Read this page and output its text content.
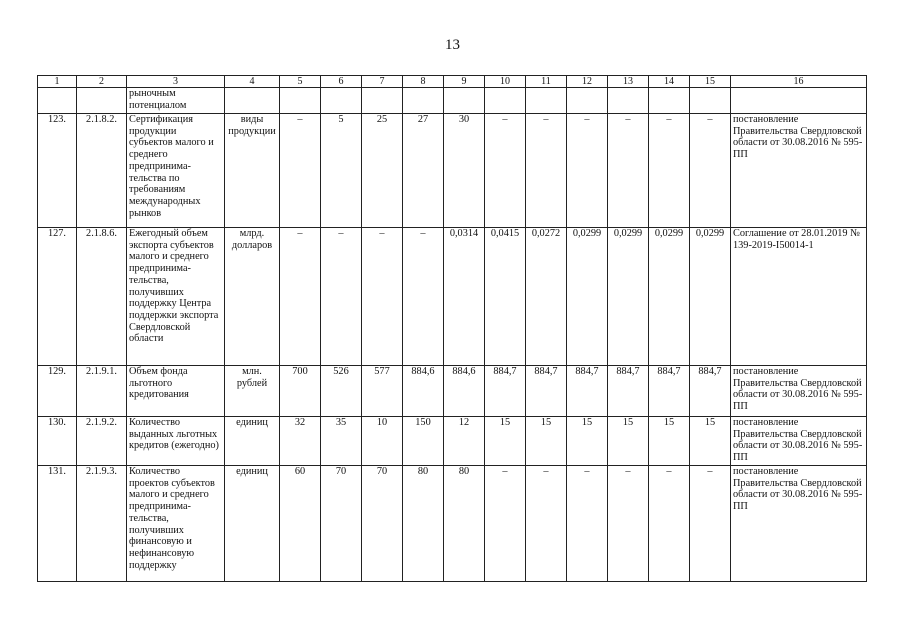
13
1	2	3	4	5	6	7	8	9	10	11	12	13	14	15	16
		рыночным потенциалом													
123.	2.1.8.2.	Сертификация продукции субъектов малого и среднего предпринима-тельства по требованиям международных рынков	виды продукции	–	5	25	27	30	–	–	–	–	–	–	постановление Правительства Свердловской области от 30.08.2016 № 595-ПП
127.	2.1.8.6.	Ежегодный объем экспорта субъектов малого и среднего предпринима-тельства, получивших поддержку Центра поддержки экспорта Свердловской области	млрд. долларов	–	–	–	–	0,0314	0,0415	0,0272	0,0299	0,0299	0,0299	0,0299	Соглашение от 28.01.2019 № 139-2019-I50014-1
129.	2.1.9.1.	Объем фонда льготного кредитования	млн. рублей	700	526	577	884,6	884,6	884,7	884,7	884,7	884,7	884,7	884,7	постановление Правительства Свердловской области от 30.08.2016 № 595-ПП
130.	2.1.9.2.	Количество выданных льготных кредитов (ежегодно)	единиц	32	35	10	150	12	15	15	15	15	15	15	постановление Правительства Свердловской области от 30.08.2016 № 595-ПП
131.	2.1.9.3.	Количество проектов субъектов малого и среднего предпринима-тельства, получивших финансовую и нефинансовую поддержку	единиц	60	70	70	80	80	–	–	–	–	–	–	постановление Правительства Свердловской области от 30.08.2016 № 595-ПП
